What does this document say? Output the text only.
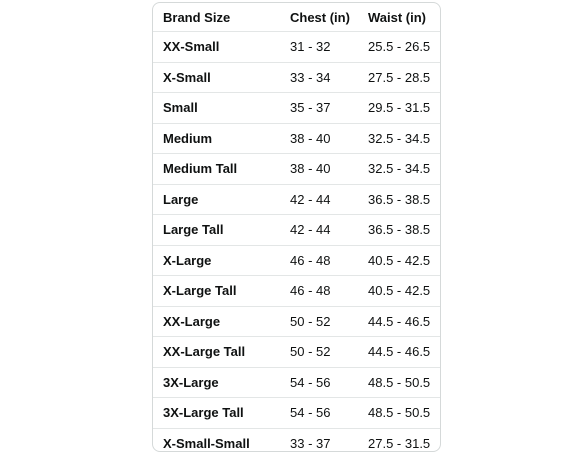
Brand Size	Chest (in)	Waist (in)
XX-Small	31 - 32	25.5 - 26.5
X-Small	33 - 34	27.5 - 28.5
Small	35 - 37	29.5 - 31.5
Medium	38 - 40	32.5 - 34.5
Medium Tall	38 - 40	32.5 - 34.5
Large	42 - 44	36.5 - 38.5
Large Tall	42 - 44	36.5 - 38.5
X-Large	46 - 48	40.5 - 42.5
X-Large Tall	46 - 48	40.5 - 42.5
XX-Large	50 - 52	44.5 - 46.5
XX-Large Tall	50 - 52	44.5 - 46.5
3X-Large	54 - 56	48.5 - 50.5
3X-Large Tall	54 - 56	48.5 - 50.5
X-Small-Small	33 - 37	27.5 - 31.5
